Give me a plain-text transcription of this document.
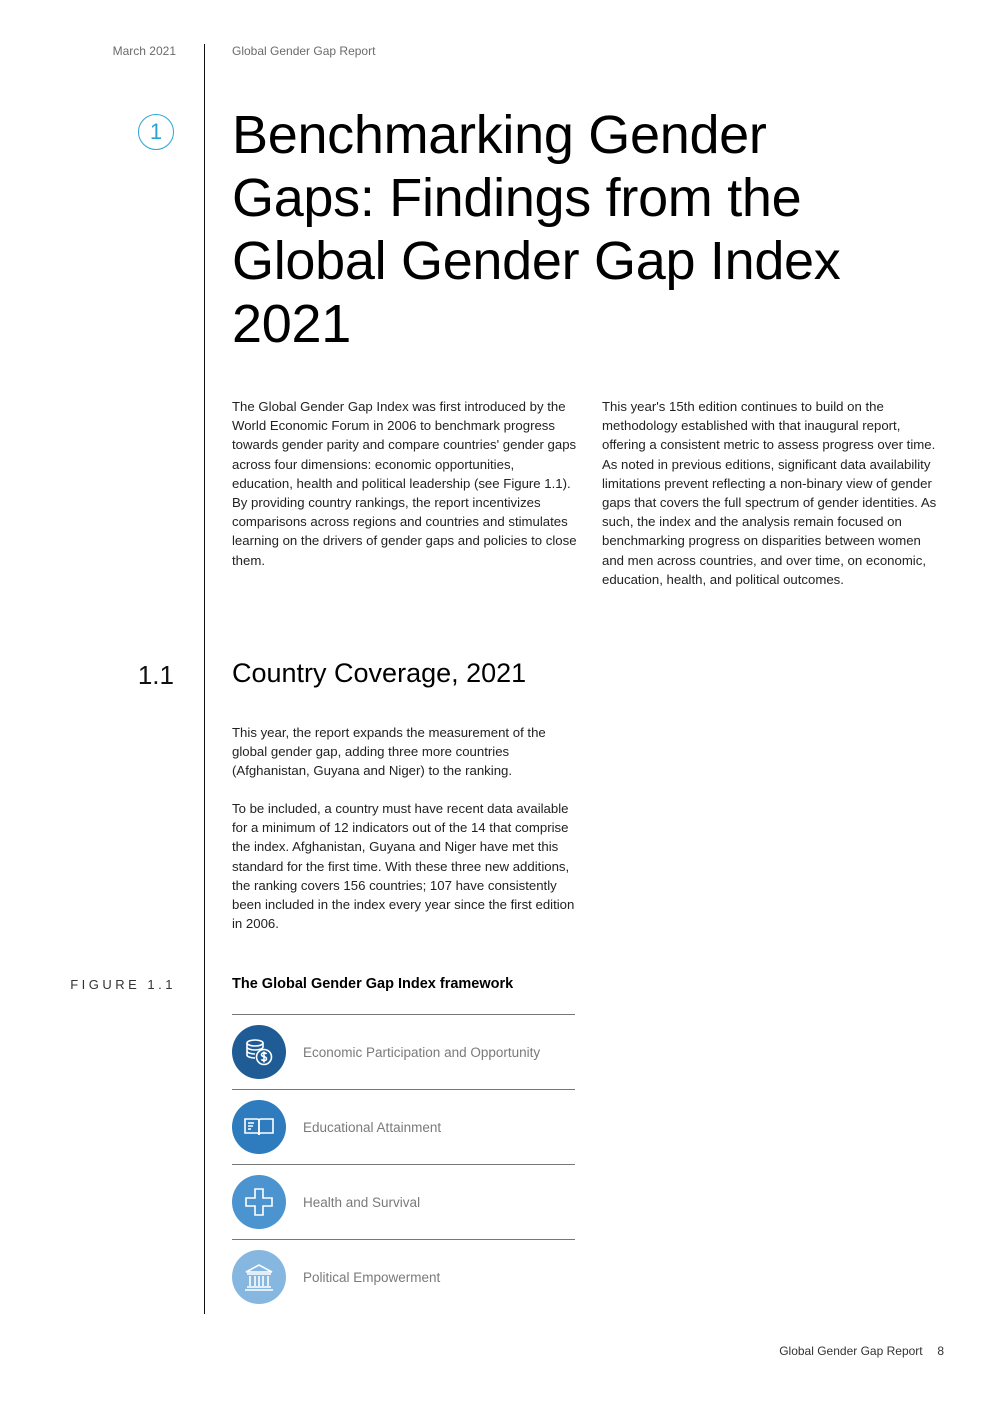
March 2021	Global Gender Gap Report
1 Benchmarking Gender Gaps: Findings from the Global Gender Gap Index 2021

The Global Gender Gap Index was first introduced by the World Economic Forum in 2006 to benchmark progress towards gender parity and compare countries' gender gaps across four dimensions: economic opportunities, education, health and political leadership (see Figure 1.1). By providing country rankings, the report incentivizes comparisons across regions and countries and stimulates learning on the drivers of gender gaps and policies to close them.

This year's 15th edition continues to build on the methodology established with that inaugural report, offering a consistent metric to assess progress over time. As noted in previous editions, significant data availability limitations prevent reflecting a non-binary view of gender gaps that covers the full spectrum of gender identities. As such, the index and the analysis remain focused on benchmarking progress on disparities between women and men across countries, and over time, on economic, education, health, and political outcomes.

1.1 Country Coverage, 2021

This year, the report expands the measurement of the global gender gap, adding three more countries (Afghanistan, Guyana and Niger) to the ranking.

To be included, a country must have recent data available for a minimum of 12 indicators out of the 14 that comprise the index. Afghanistan, Guyana and Niger have met this standard for the first time. With these three new additions, the ranking covers 156 countries; 107 have consistently been included in the index every year since the first edition in 2006.

FIGURE 1.1	The Global Gender Gap Index framework
Economic Participation and Opportunity
Educational Attainment
Health and Survival
Political Empowerment
Global Gender Gap Report 8
